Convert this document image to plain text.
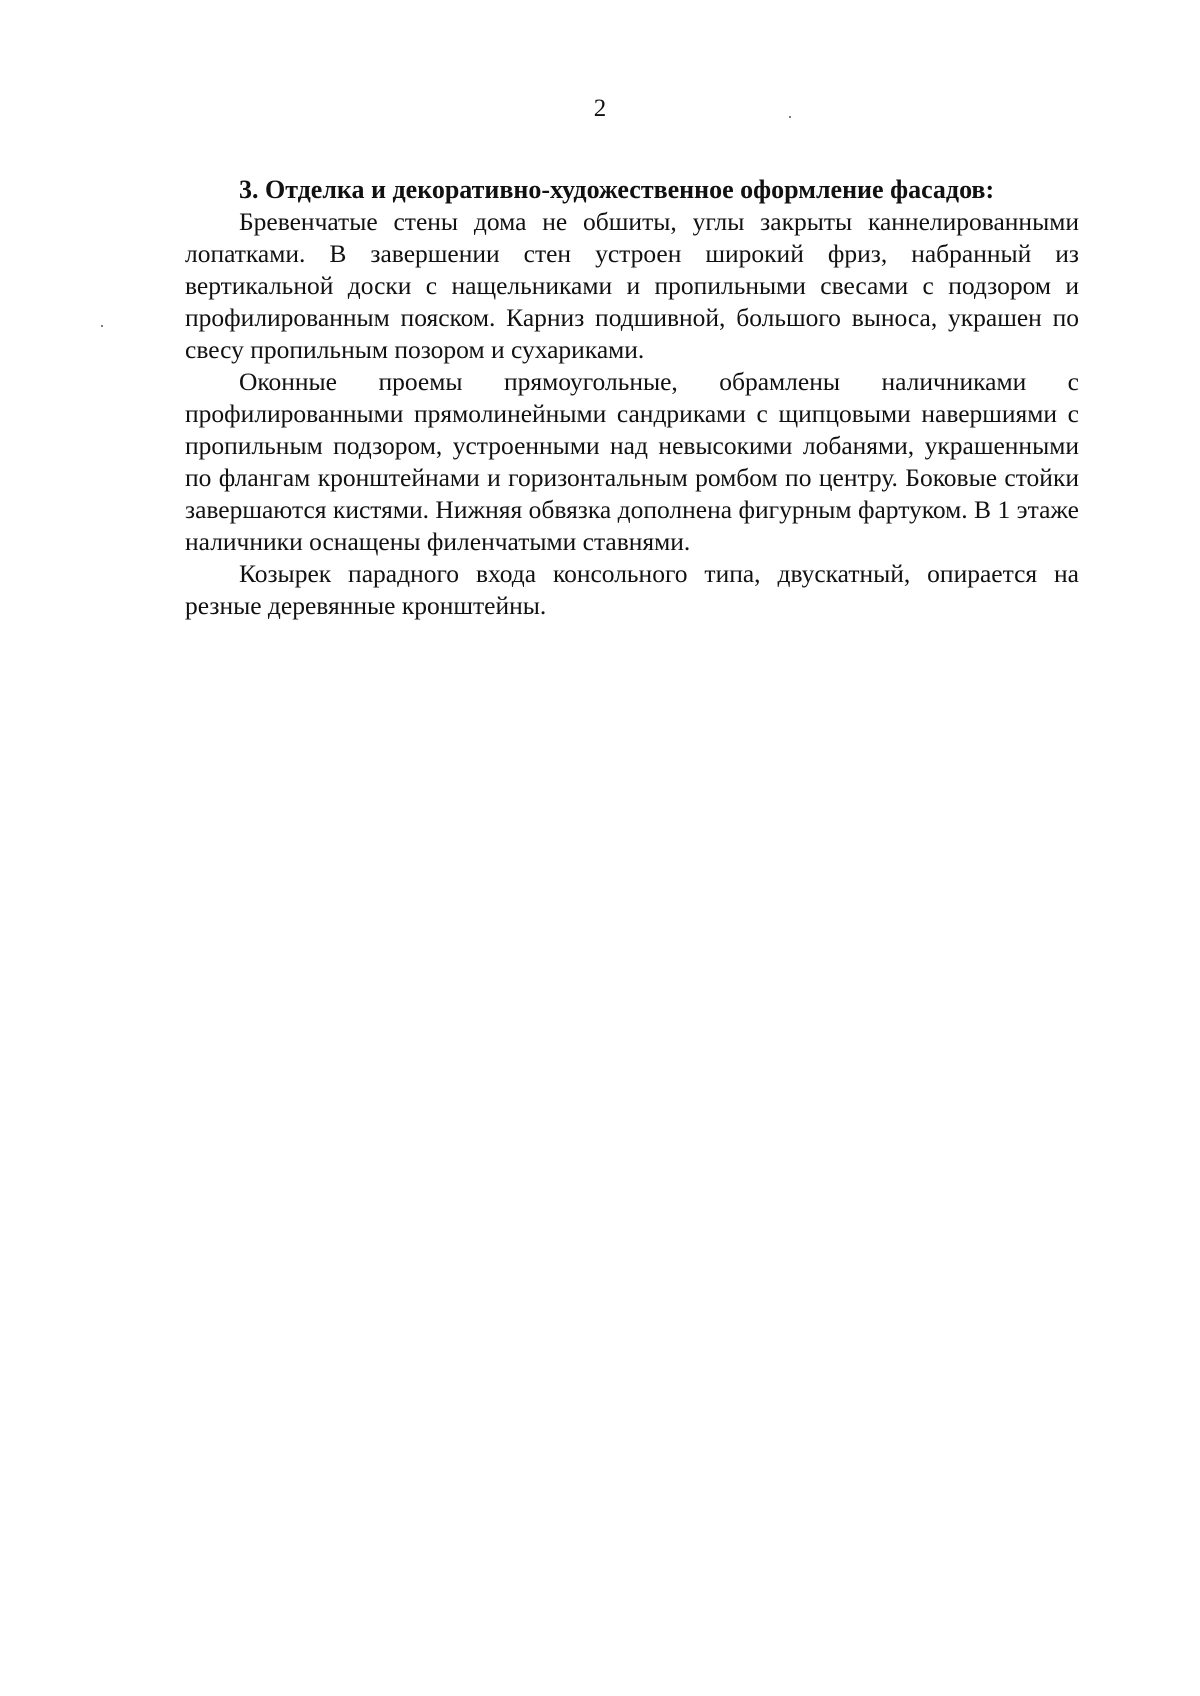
2
3. Отделка и декоративно-художественное оформление фасадов:

Бревенчатые стены дома не обшиты, углы закрыты каннелированными лопатками. В завершении стен устроен широкий фриз, набранный из вертикальной доски с нащельниками и пропильными свесами с подзором и профилированным пояском. Карниз подшивной, большого выноса, украшен по свесу пропильным позором и сухариками.

Оконные проемы прямоугольные, обрамлены наличниками с профилированными прямолинейными сандриками с щипцовыми навершиями с пропильным подзором, устроенными над невысокими лобанями, украшенными по флангам кронштейнами и горизонтальным ромбом по центру. Боковые стойки завершаются кистями. Нижняя обвязка дополнена фигурным фартуком. В 1 этаже наличники оснащены филенчатыми ставнями.

Козырек парадного входа консольного типа, двускатный, опирается на резные деревянные кронштейны.
